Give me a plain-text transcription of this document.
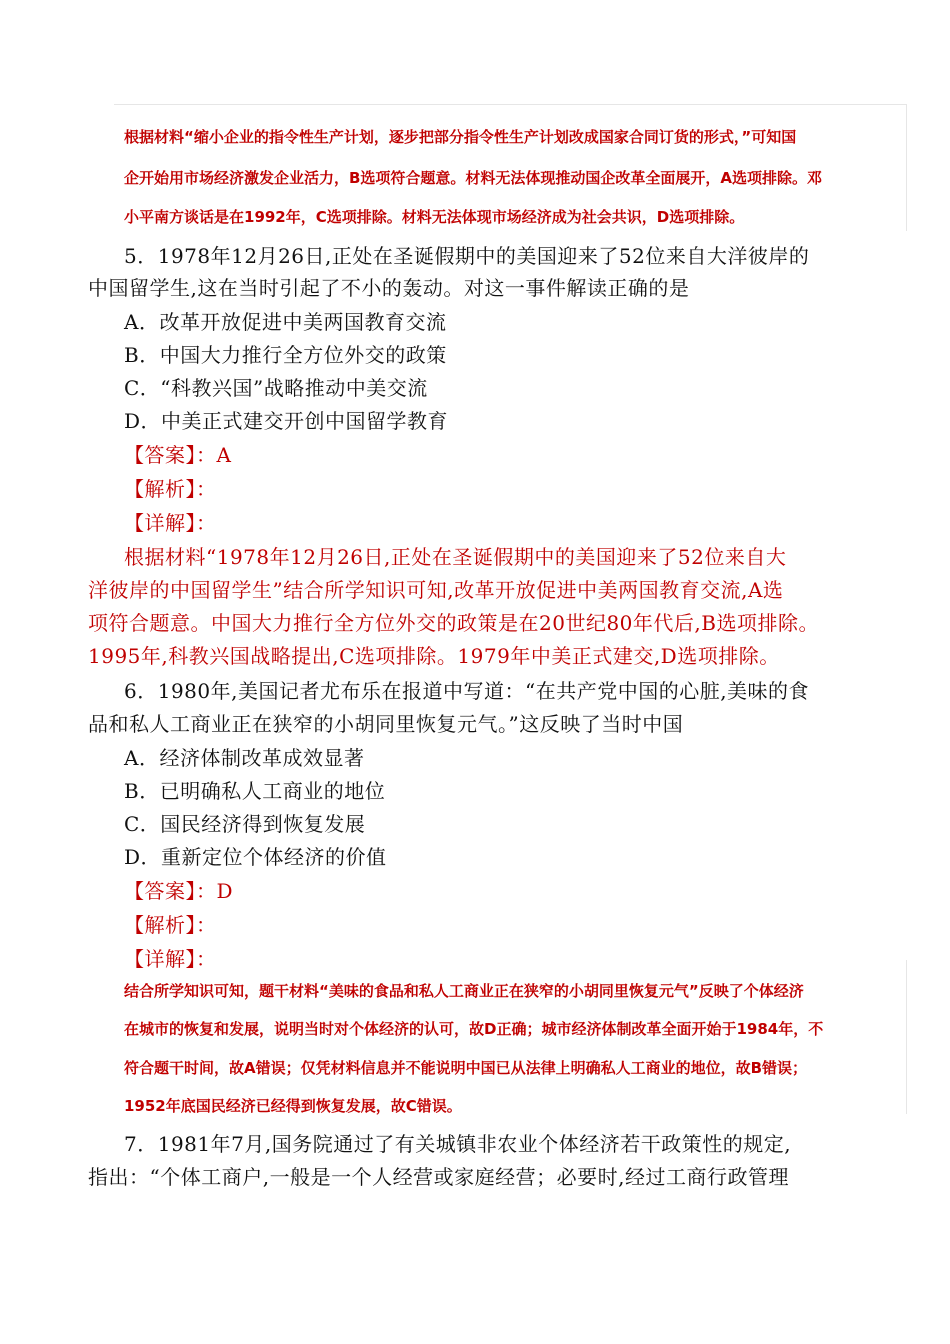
根据材料“缩小企业的指令性生产计划，逐步把部分指令性生产计划改成国家合同订货的形式，”可知国
企开始用市场经济激发企业活力，B选项符合题意。材料无法体现推动国企改革全面展开，A选项排除。邓
小平南方谈话是在1992年，C选项排除。材料无法体现市场经济成为社会共识，D选项排除。
5．1978年12月26日,正处在圣诞假期中的美国迎来了52位来自大洋彼岸的
中国留学生,这在当时引起了不小的轰动。对这一事件解读正确的是
A．改革开放促进中美两国教育交流
B．中国大力推行全方位外交的政策
C．“科教兴国”战略推动中美交流
D．中美正式建交开创中国留学教育
【答案】：A
【解析】：
【详解】：
根据材料“1978年12月26日,正处在圣诞假期中的美国迎来了52位来自大
洋彼岸的中国留学生”结合所学知识可知,改革开放促进中美两国教育交流,A选
项符合题意。中国大力推行全方位外交的政策是在20世纪80年代后,B选项排除。
1995年,科教兴国战略提出,C选项排除。1979年中美正式建交,D选项排除。
6．1980年,美国记者尤布乐在报道中写道：“在共产党中国的心脏,美味的食
品和私人工商业正在狭窄的小胡同里恢复元气。”这反映了当时中国
A．经济体制改革成效显著
B．已明确私人工商业的地位
C．国民经济得到恢复发展
D．重新定位个体经济的价值
【答案】：D
【解析】：
【详解】：
结合所学知识可知，题干材料“美味的食品和私人工商业正在狭窄的小胡同里恢复元气”反映了个体经济
在城市的恢复和发展，说明当时对个体经济的认可，故D正确；城市经济体制改革全面开始于1984年，不
符合题干时间，故A错误；仅凭材料信息并不能说明中国已从法律上明确私人工商业的地位，故B错误；
1952年底国民经济已经得到恢复发展，故C错误。
7．1981年7月,国务院通过了有关城镇非农业个体经济若干政策性的规定,
指出：“个体工商户,一般是一个人经营或家庭经营；必要时,经过工商行政管理
